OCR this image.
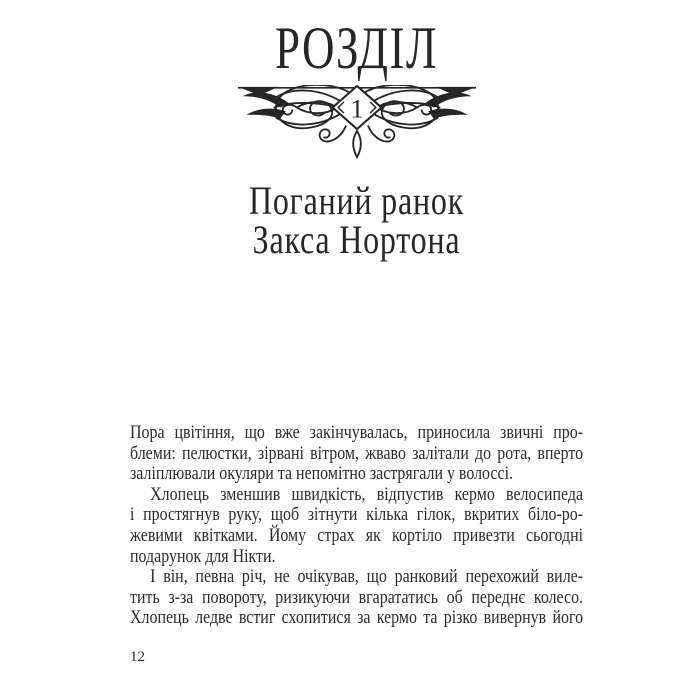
РОЗДІЛ
1
Поганий ранок
Закса Нортона
Пора цвітіння, що вже закінчувалась, приносила звичні про-
блеми: пелюстки, зірвані вітром, жваво залітали до рота, вперто
заліплювали окуляри та непомітно застрягали у волоссі.
Хлопець зменшив швидкість, відпустив кермо велосипеда
і простягнув руку, щоб зітнути кілька гілок, вкритих біло-ро-
жевими квітками. Йому страх як кортіло привезти сьогодні
подарунок для Нікти.
І він, певна річ, не очікував, що ранковий перехожий виле-
тить з-за повороту, ризикуючи вгарататись об переднє колесо.
Хлопець ледве встиг схопитися за кермо та різко вивернув його
12
